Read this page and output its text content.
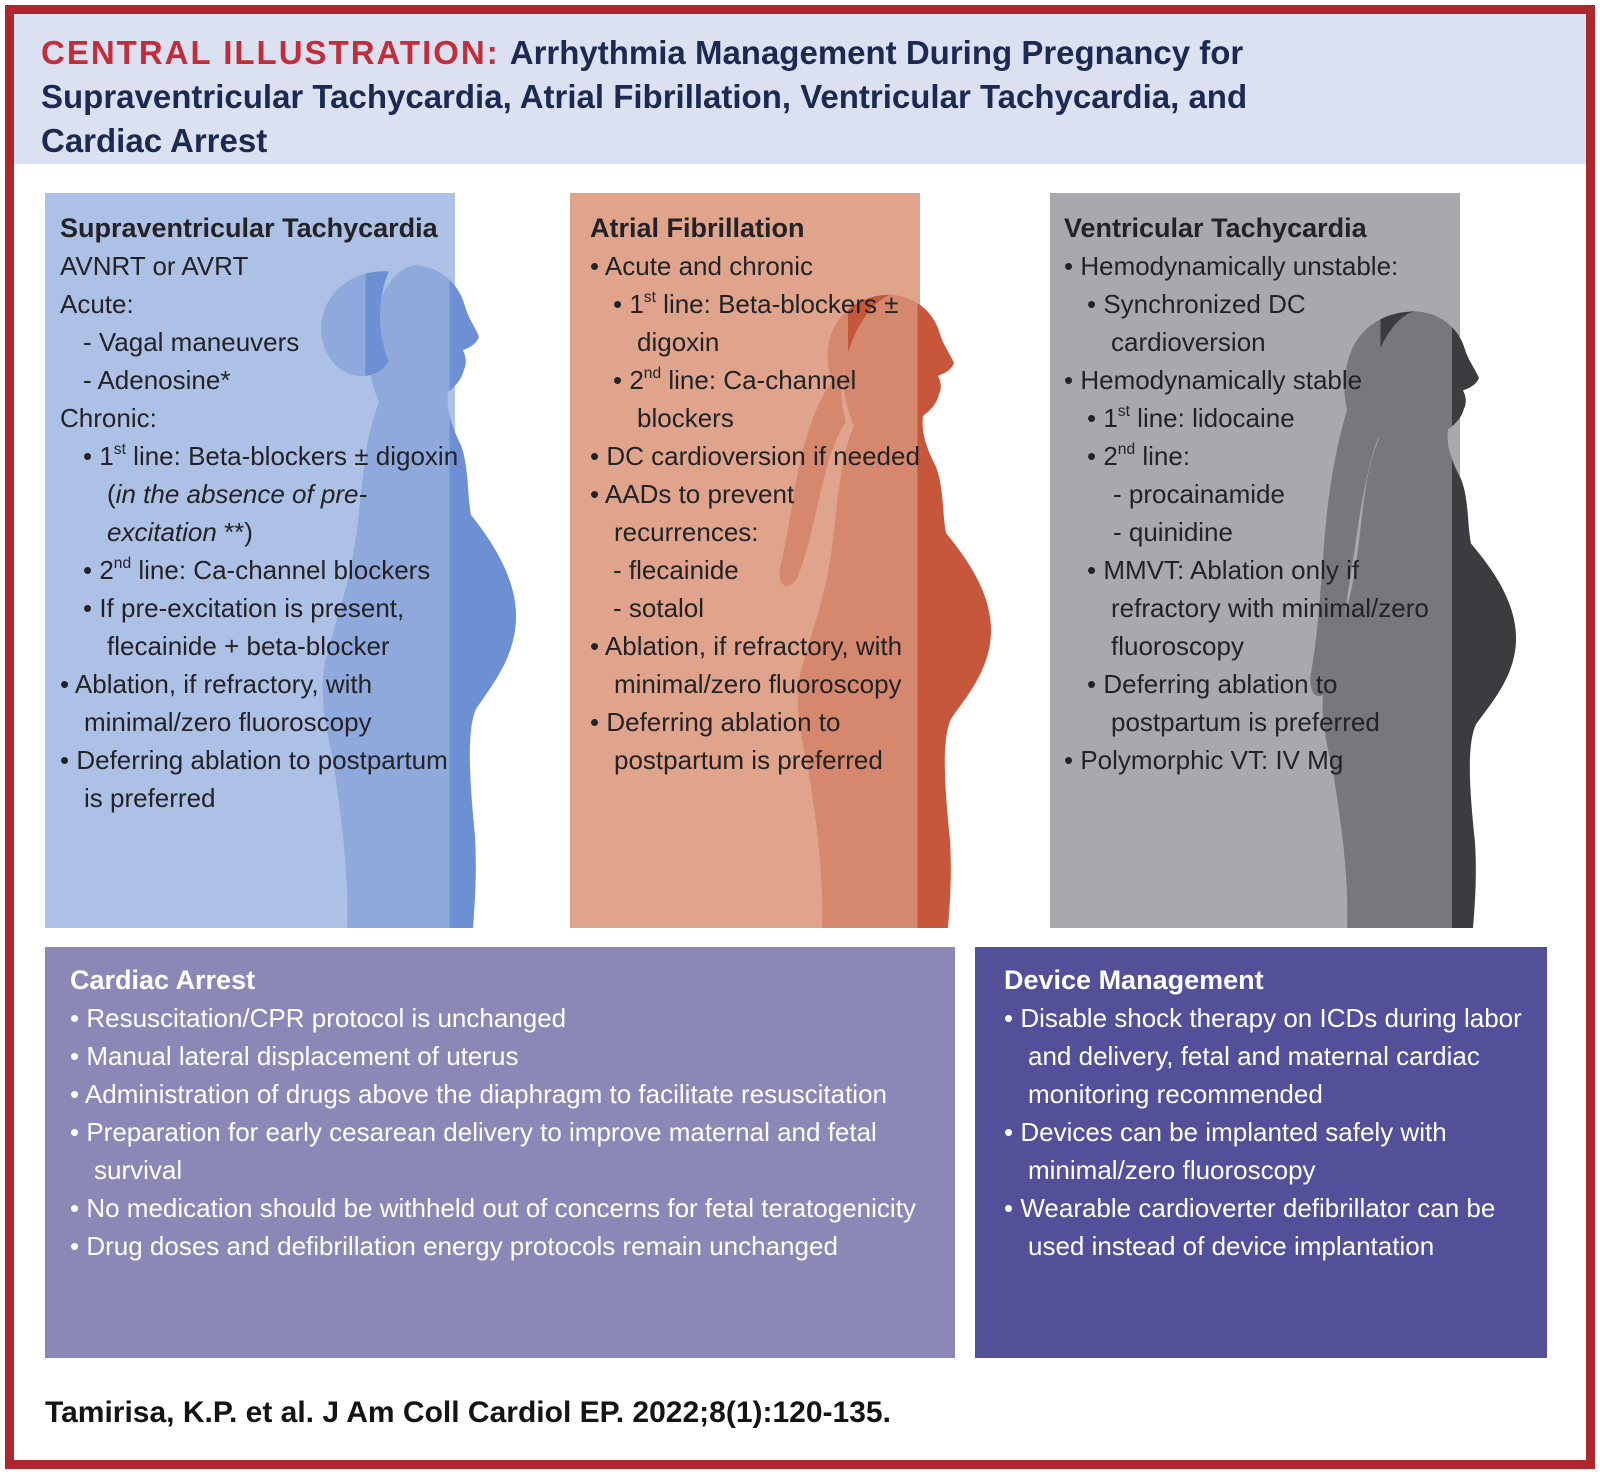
CENTRAL ILLUSTRATION: Arrhythmia Management During Pregnancy for
Supraventricular Tachycardia, Atrial Fibrillation, Ventricular Tachycardia, and
Cardiac Arrest
Supraventricular Tachycardia
AVNRT or AVRT
Acute:
- Vagal maneuvers
- Adenosine*
Chronic:
• 1st line: Beta-blockers ± digoxin (in the absence of pre-excitation **)
• 2nd line: Ca-channel blockers
• If pre-excitation is present, flecainide + beta-blocker
• Ablation, if refractory, with minimal/zero fluoroscopy
• Deferring ablation to postpartum is preferred
Atrial Fibrillation
• Acute and chronic
• 1st line: Beta-blockers ± digoxin
• 2nd line: Ca-channel blockers
• DC cardioversion if needed
• AADs to prevent recurrences:
- flecainide
- sotalol
• Ablation, if refractory, with minimal/zero fluoroscopy
• Deferring ablation to postpartum is preferred
Ventricular Tachycardia
• Hemodynamically unstable:
• Synchronized DC cardioversion
• Hemodynamically stable
• 1st line: lidocaine
• 2nd line:
- procainamide
- quinidine
• MMVT: Ablation only if refractory with minimal/zero fluoroscopy
• Deferring ablation to postpartum is preferred
• Polymorphic VT: IV Mg
Cardiac Arrest
• Resuscitation/CPR protocol is unchanged
• Manual lateral displacement of uterus
• Administration of drugs above the diaphragm to facilitate resuscitation
• Preparation for early cesarean delivery to improve maternal and fetal survival
• No medication should be withheld out of concerns for fetal teratogenicity
• Drug doses and defibrillation energy protocols remain unchanged
Device Management
• Disable shock therapy on ICDs during labor and delivery, fetal and maternal cardiac monitoring recommended
• Devices can be implanted safely with minimal/zero fluoroscopy
• Wearable cardioverter defibrillator can be used instead of device implantation
Tamirisa, K.P. et al. J Am Coll Cardiol EP. 2022;8(1):120-135.
